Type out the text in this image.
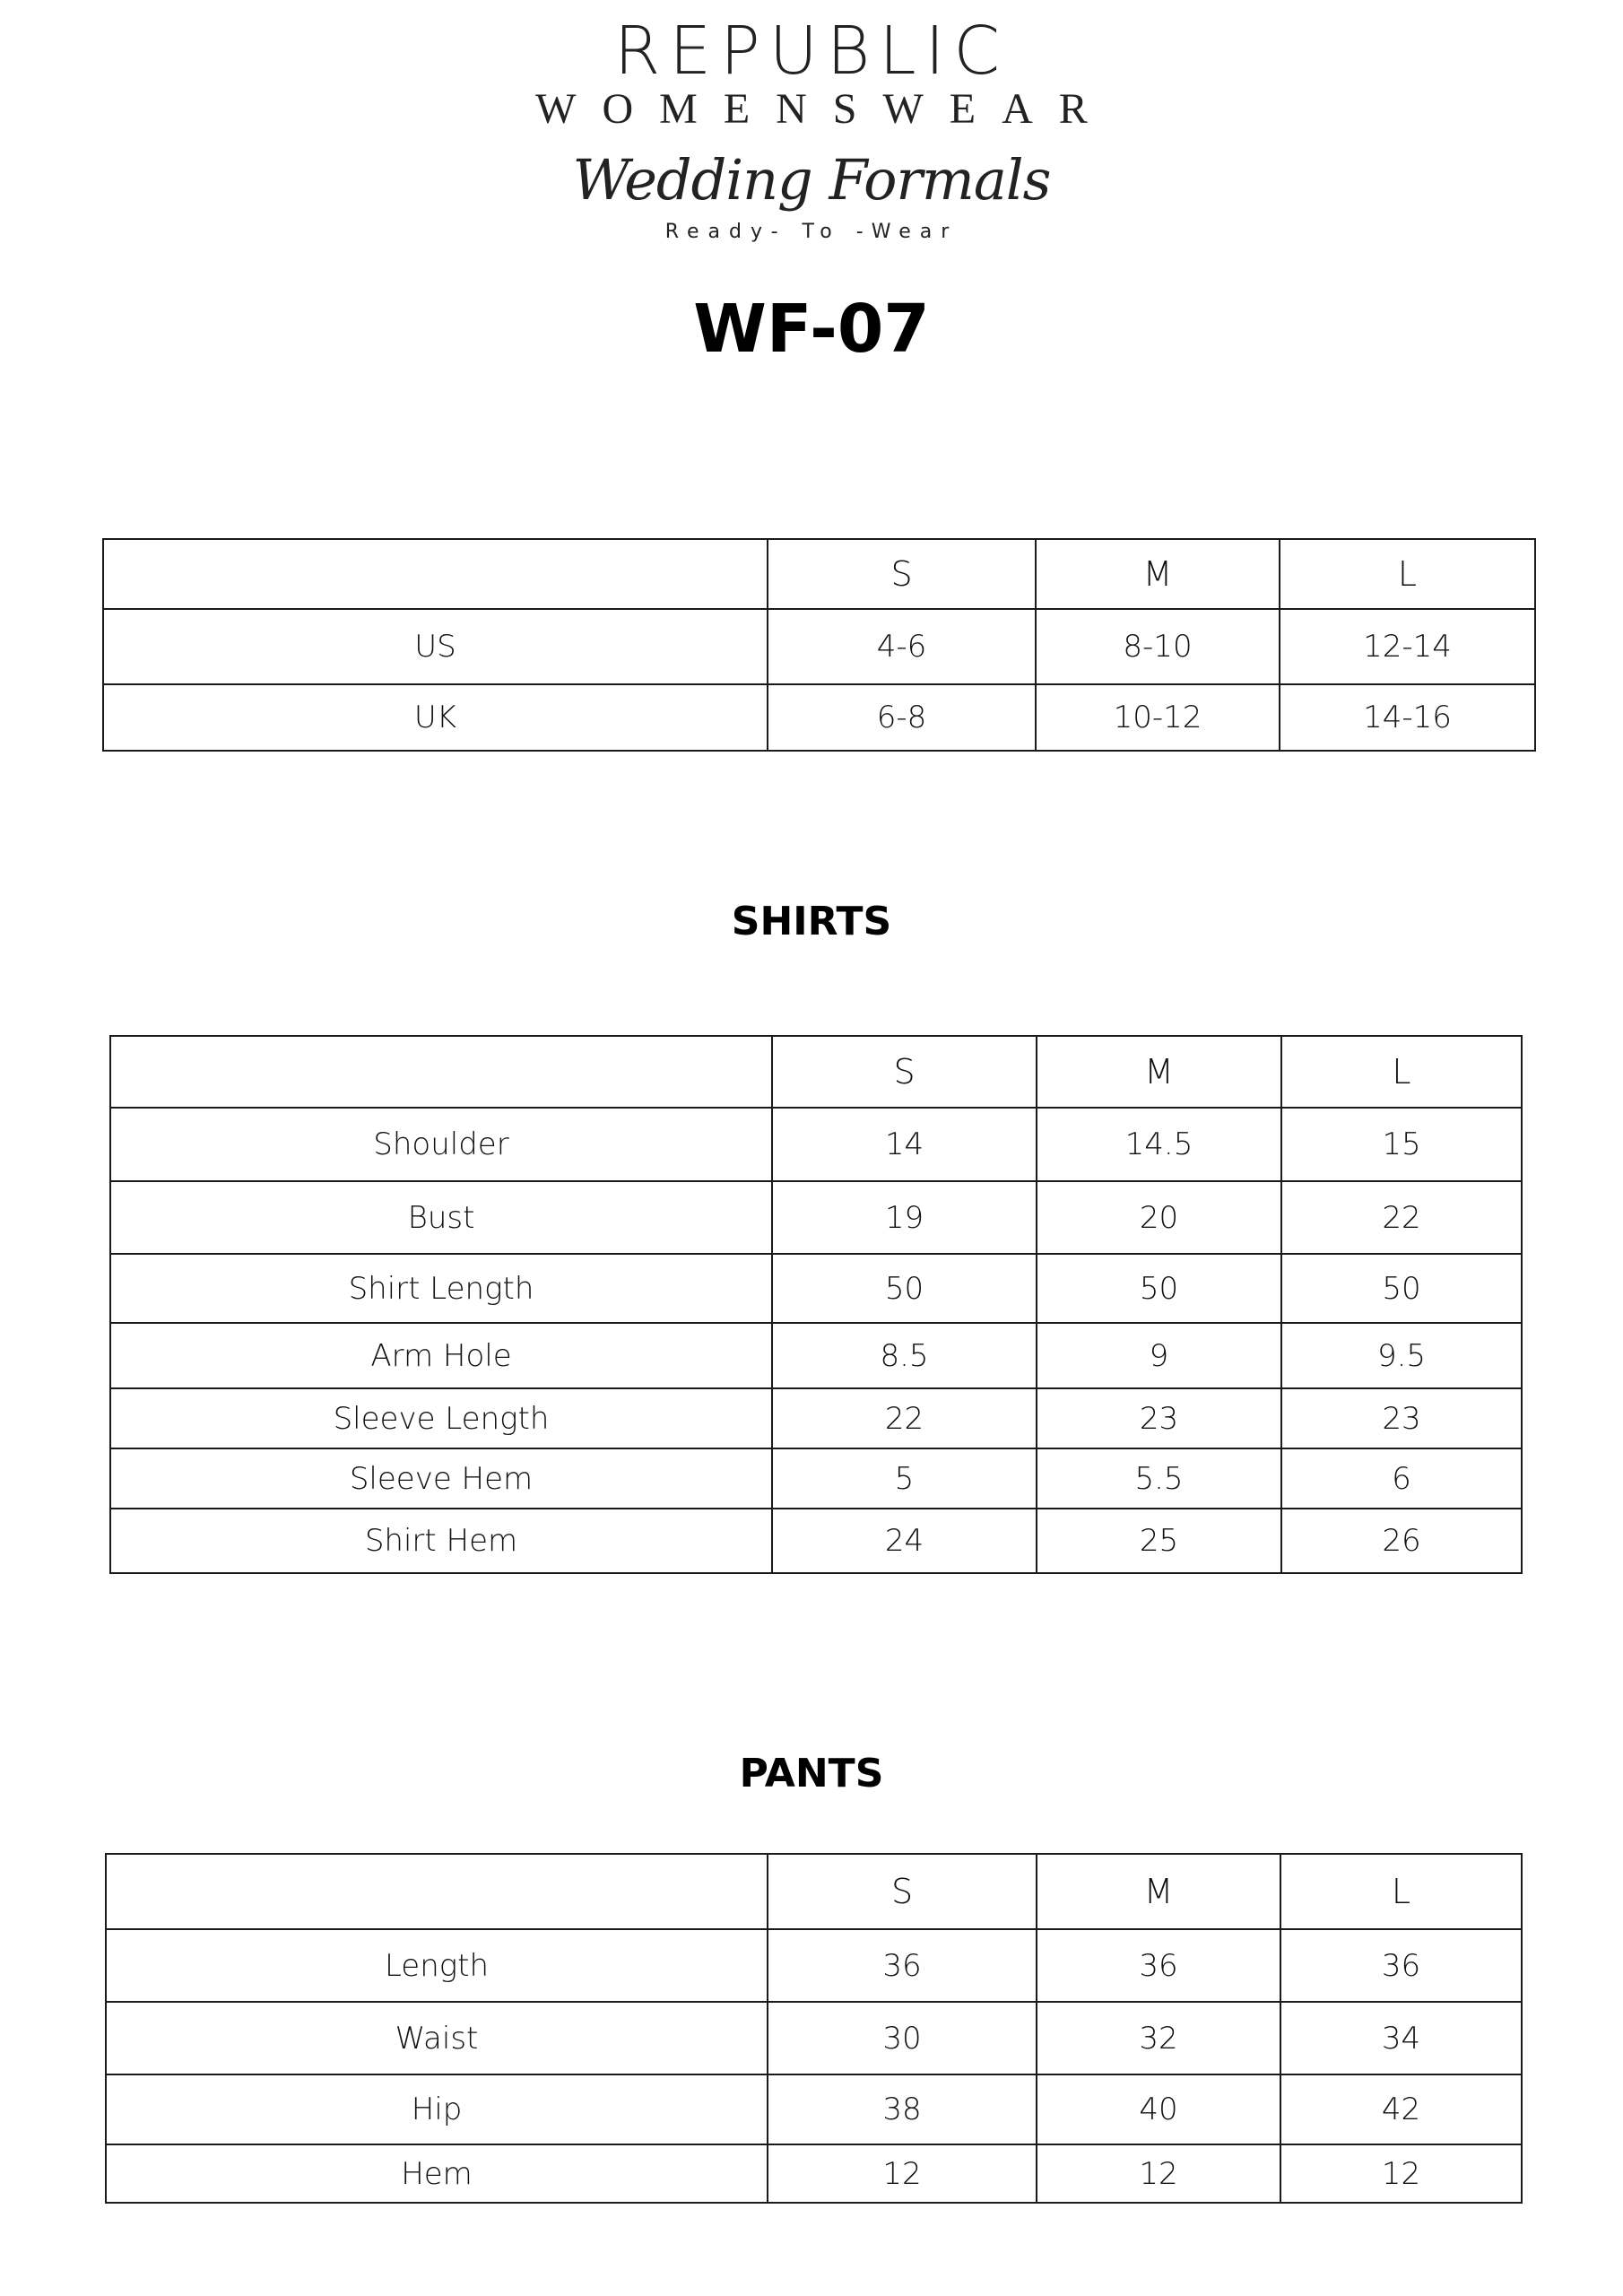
REPUBLIC
WOMENSWEAR
Wedding Formals
Ready- To -Wear
WF-07
	S	M	L
US	4-6	8-10	12-14
UK	6-8	10-12	14-16
SHIRTS
	S	M	L
Shoulder	14	14.5	15
Bust	19	20	22
Shirt Length	50	50	50
Arm Hole	8.5	9	9.5
Sleeve Length	22	23	23
Sleeve Hem	5	5.5	6
Shirt Hem	24	25	26
PANTS
	S	M	L
Length	36	36	36
Waist	30	32	34
Hip	38	40	42
Hem	12	12	12
